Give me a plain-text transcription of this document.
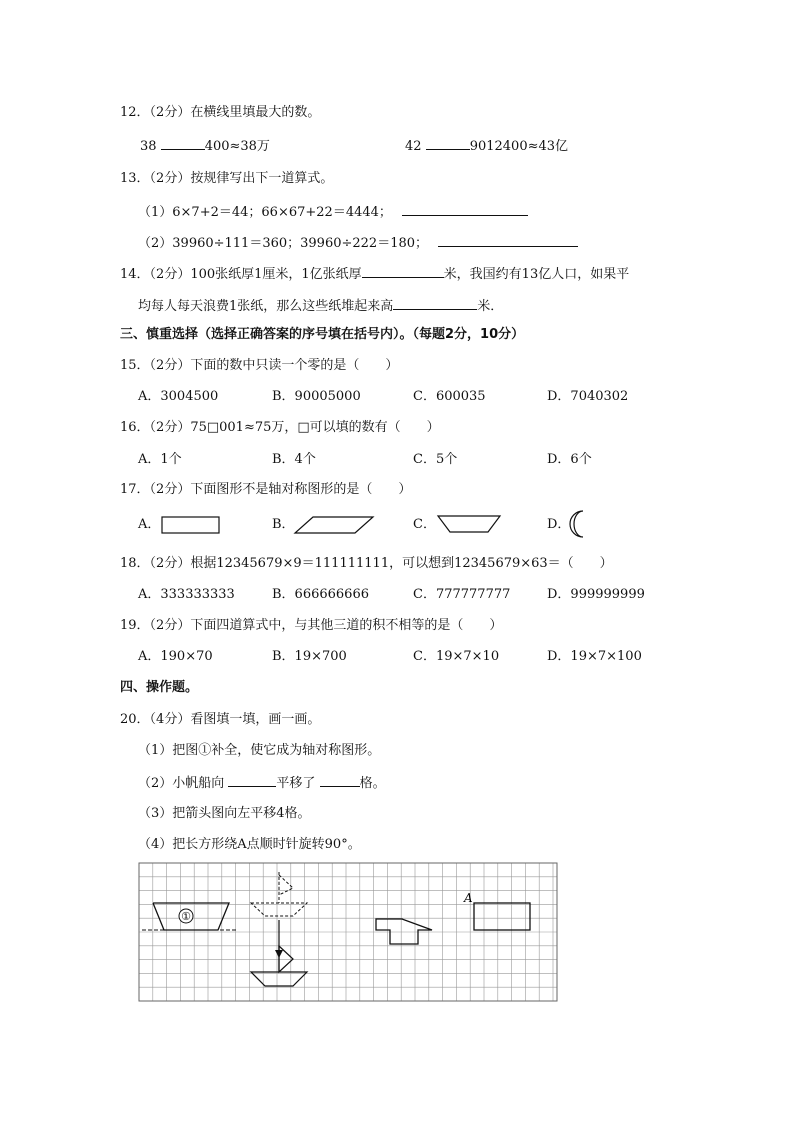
12．（2分）在横线里填最大的数。
38	400≈38万	42	9012400≈43亿
13．（2分）按规律写出下一道算式。
（1）6×7+2＝44；66×67+22＝4444；
（2）39960÷111＝360；39960÷222＝180；
14．（2分）100张纸厚1厘米，1亿张纸厚	米，我国约有13亿人口，如果平
均每人每天浪费1张纸，那么这些纸堆起来高	米．
三、慎重选择（选择正确答案的序号填在括号内）。（每题2分，10分）
15．（2分）下面的数中只读一个零的是（　　）
A．3004500	B．90005000	C．600035	D．7040302
16．（2分）75□001≈75万，□可以填的数有（　　）
A．1个	B．4个	C．5个	D．6个
17．（2分）下面图形不是轴对称图形的是（　　）
A．	B．	C．	D．
18．（2分）根据12345679×9＝111111111，可以想到12345679×63＝（　　）
A．333333333	B．666666666	C．777777777	D．999999999
19．（2分）下面四道算式中，与其他三道的积不相等的是（　　）
A．190×70	B．19×700	C．19×7×10	D．19×7×100
四、操作题。
20．（4分）看图填一填，画一画。
（1）把图①补全，使它成为轴对称图形。
（2）小帆船向	平移了	格。
（3）把箭头图向左平移4格。
（4）把长方形绕A点顺时针旋转90°。
①
A
